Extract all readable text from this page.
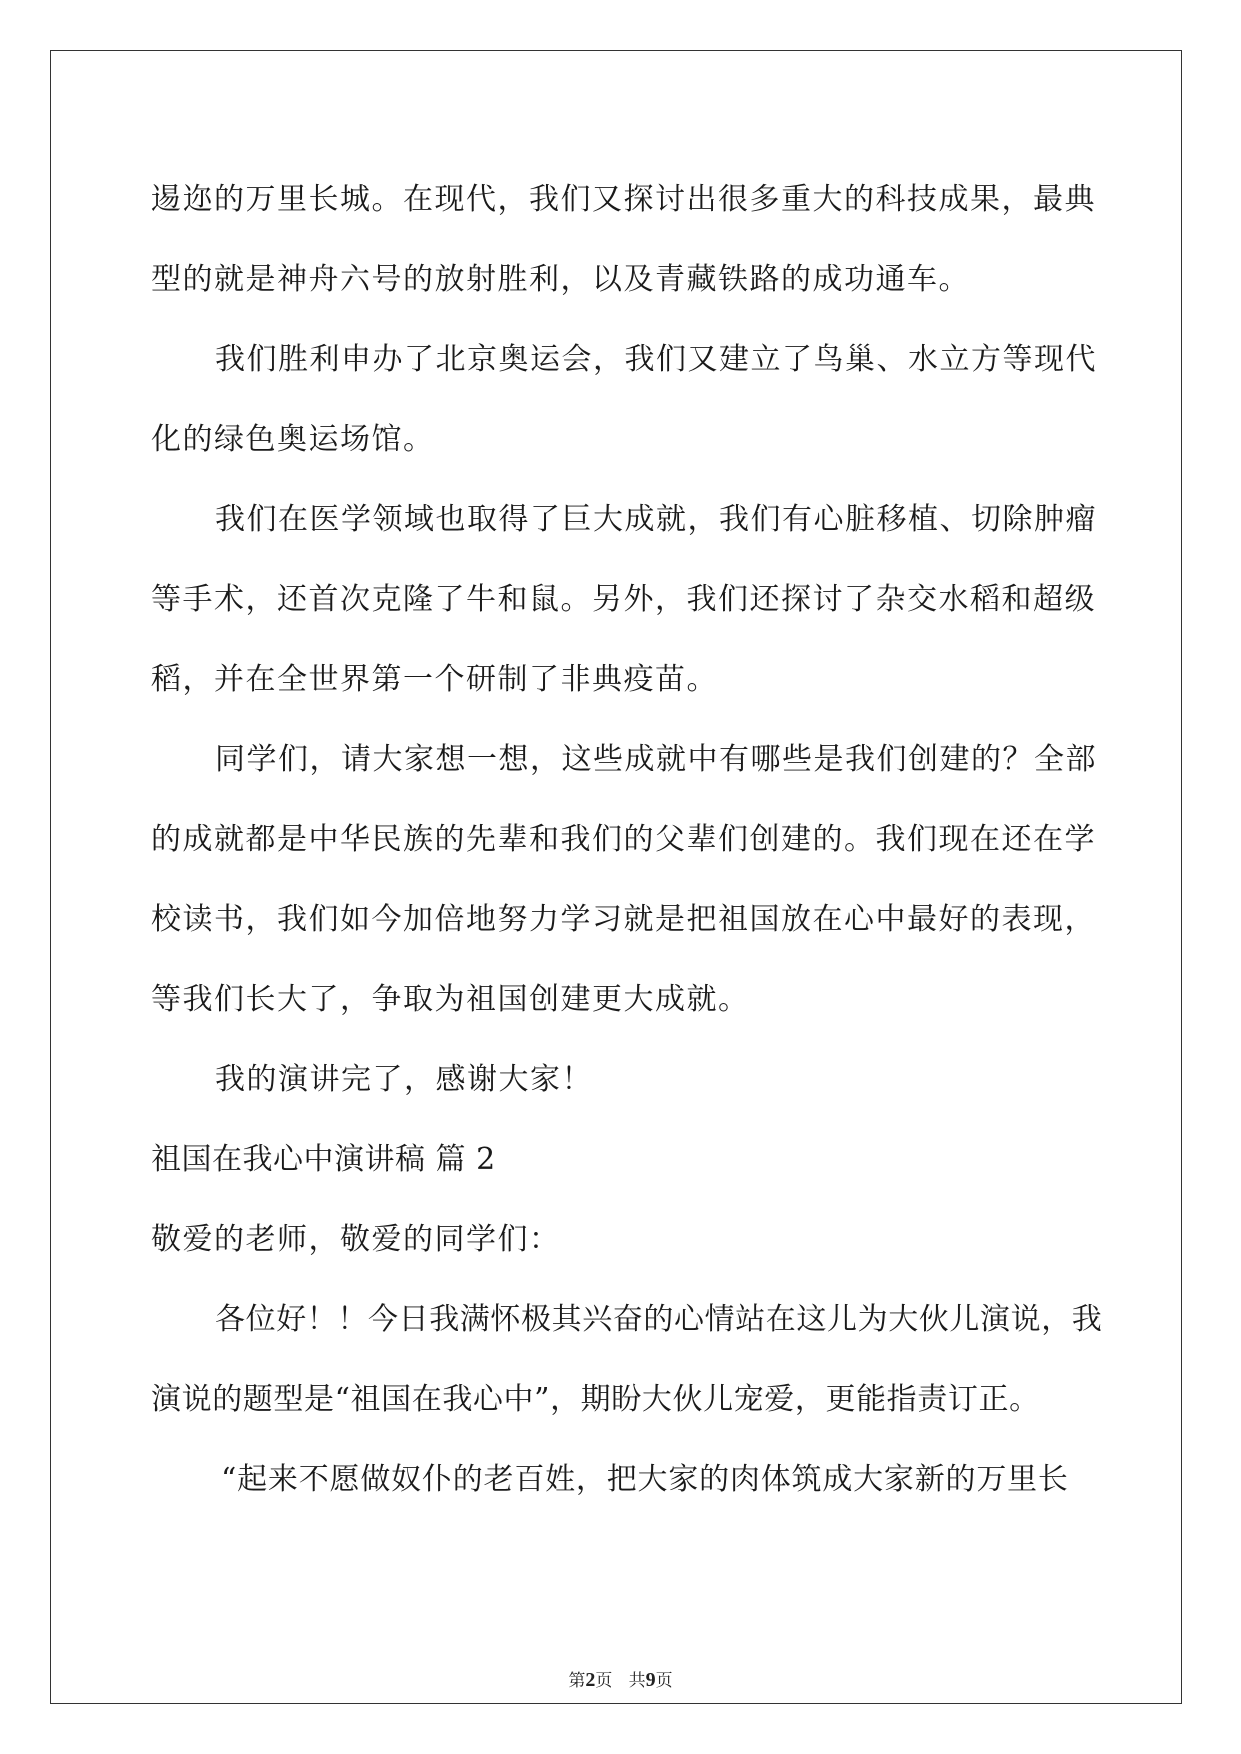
逷迩的万里长城。在现代，我们又探讨出很多重大的科技成果，最典
型的就是神舟六号的放射胜利，以及青藏铁路的成功通车。
我们胜利申办了北京奥运会，我们又建立了鸟巢、水立方等现代
化的绿色奥运场馆。
我们在医学领域也取得了巨大成就，我们有心脏移植、切除肿瘤
等手术，还首次克隆了牛和鼠。另外，我们还探讨了杂交水稻和超级
稻，并在全世界第一个研制了非典疫苗。
同学们，请大家想一想，这些成就中有哪些是我们创建的？全部
的成就都是中华民族的先辈和我们的父辈们创建的。我们现在还在学
校读书，我们如今加倍地努力学习就是把祖国放在心中最好的表现，
等我们长大了，争取为祖国创建更大成就。
我的演讲完了，感谢大家！
祖国在我心中演讲稿 篇 2
敬爱的老师，敬爱的同学们：
各位好！！今日我满怀极其兴奋的心情站在这儿为大伙儿演说，我
演说的题型是“祖国在我心中”，期盼大伙儿宠爱，更能指责订正。
“起来不愿做奴仆的老百姓，把大家的肉体筑成大家新的万里长
第2页 共9页
